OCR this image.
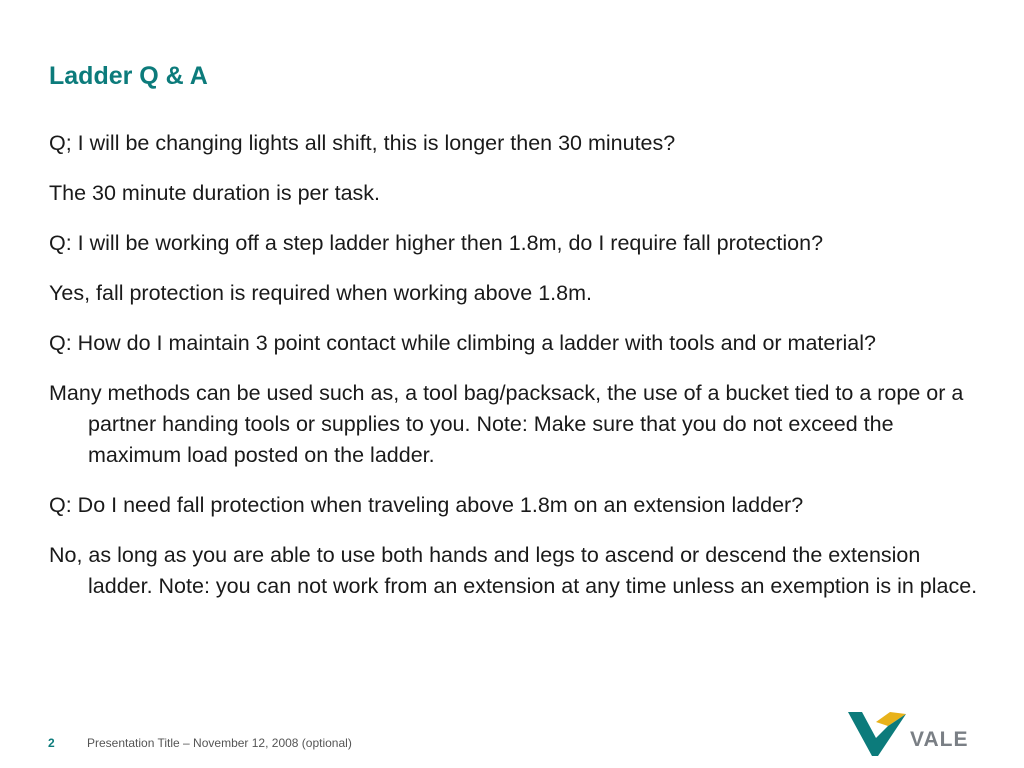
Ladder Q & A

Q; I will be changing lights all shift, this is longer then 30 minutes?

The 30 minute duration is per task.

Q: I will be working off a step ladder higher then 1.8m, do I require fall protection?

Yes, fall protection is required when working above 1.8m.

Q: How do I maintain 3 point contact while climbing a ladder with tools and or material?

Many methods can be used such as, a tool bag/packsack, the use of a bucket tied to a rope or a partner handing tools or supplies to you. Note: Make sure that you do not exceed the maximum load posted on the ladder.

Q: Do I need fall protection when traveling above 1.8m on an extension ladder?

No, as long as you are able to use both hands and legs to ascend or descend the extension ladder. Note: you can not work from an extension at any time unless an exemption is in place.

2	Presentation Title – November 12, 2008 (optional)	VALE
